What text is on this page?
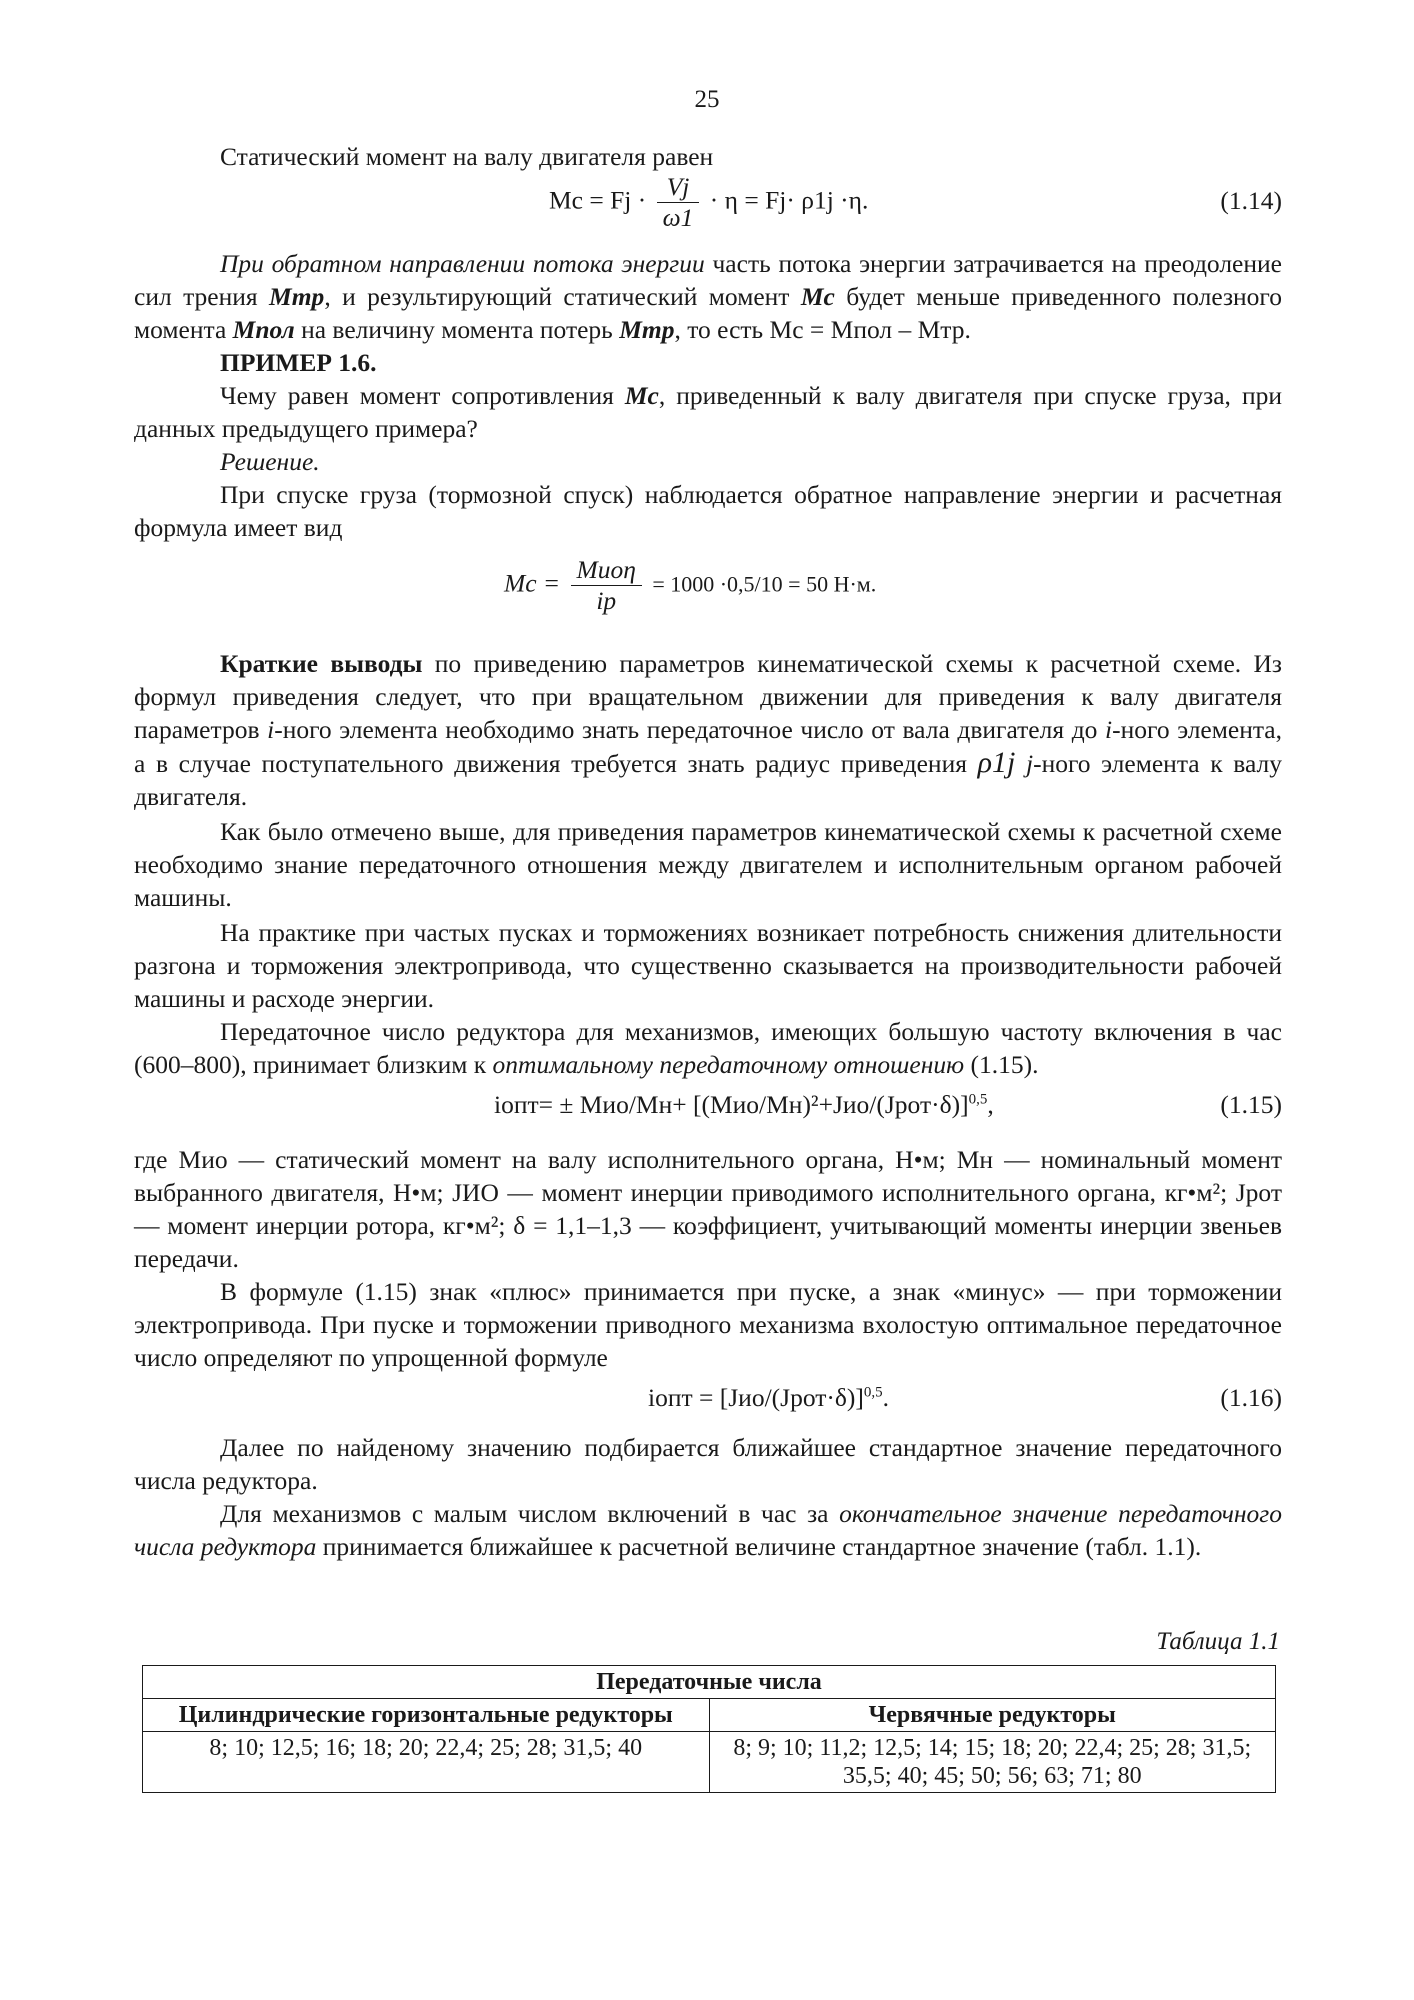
25
Статический момент на валу двигателя равен
Mс = $Fj \cdot \frac{Vj}{\omega 1} \cdot \eta = Fj\cdot \rho 1j \cdot\eta$.	(1.14)
При обратном направлении потока энергии часть потока энергии затрачивается на преодоление сил трения Mтр, и результирующий статический момент Mс будет меньше приведенного полезного момента Mпол на величину момента потерь Mтр, то есть Mс = Mпол – Mтр.
ПРИМЕР 1.6.
Чему равен момент сопротивления Mс, приведенный к валу двигателя при спуске груза, при данных предыдущего примера?
Решение.
При спуске груза (тормозной спуск) наблюдается обратное направление энергии и расчетная формула имеет вид
Mс = $\frac{\text{Mиоη}}{ip} = 1000 \cdot 0,5/10 = 50$ Н·м.
Краткие выводы по приведению параметров кинематической схемы к расчетной схеме. Из формул приведения следует, что при вращательном движении для приведения к валу двигателя параметров i-ного элемента необходимо знать передаточное число от вала двигателя до i-ного элемента, а в случае поступательного движения требуется знать радиус приведения ρ1j j-ного элемента к валу двигателя.
Как было отмечено выше, для приведения параметров кинематической схемы к расчетной схеме необходимо знание передаточного отношения между двигателем и исполнительным органом рабочей машины.
На практике при частых пусках и торможениях возникает потребность снижения длительности разгона и торможения электропривода, что существенно сказывается на производительности рабочей машины и расходе энергии.
Передаточное число редуктора для механизмов, имеющих большую частоту включения в час (600–800), принимает близким к оптимальному передаточному отношению (1.15).
iопт= ± Mио/Mн+ [(Mио/Mн)²+Jио/(Jрот·δ)]$^{0,5}$,	(1.15)
где Mио — статический момент на валу исполнительного органа, Н•м; Mн — номинальный момент выбранного двигателя, Н•м; JИО — момент инерции приводимого исполнительного органа, кг•м²; Jрот — момент инерции ротора, кг•м²; δ = 1,1–1,3 — коэффициент, учитывающий моменты инерции звеньев передачи.
В формуле (1.15) знак «плюс» принимается при пуске, а знак «минус» — при торможении электропривода. При пуске и торможении приводного механизма вхолостую оптимальное передаточное число определяют по упрощенной формуле
iопт = [Jио/(Jрот·δ)]$^{0,5}$.	(1.16)
Далее по найденому значению подбирается ближайшее стандартное значение передаточного числа редуктора.
Для механизмов с малым числом включений в час за окончательное значение передаточного числа редуктора принимается ближайшее к расчетной величине стандартное значение (табл. 1.1).
Таблица 1.1
Передаточные числа	
Цилиндрические горизонтальные редукторы	Червячные редукторы
8; 10; 12,5; 16; 18; 20; 22,4; 25; 28; 31,5; 40	8; 9; 10; 11,2; 12,5; 14; 15; 18; 20; 22,4; 25; 28; 31,5; 35,5; 40; 45; 50; 56; 63; 71; 80
